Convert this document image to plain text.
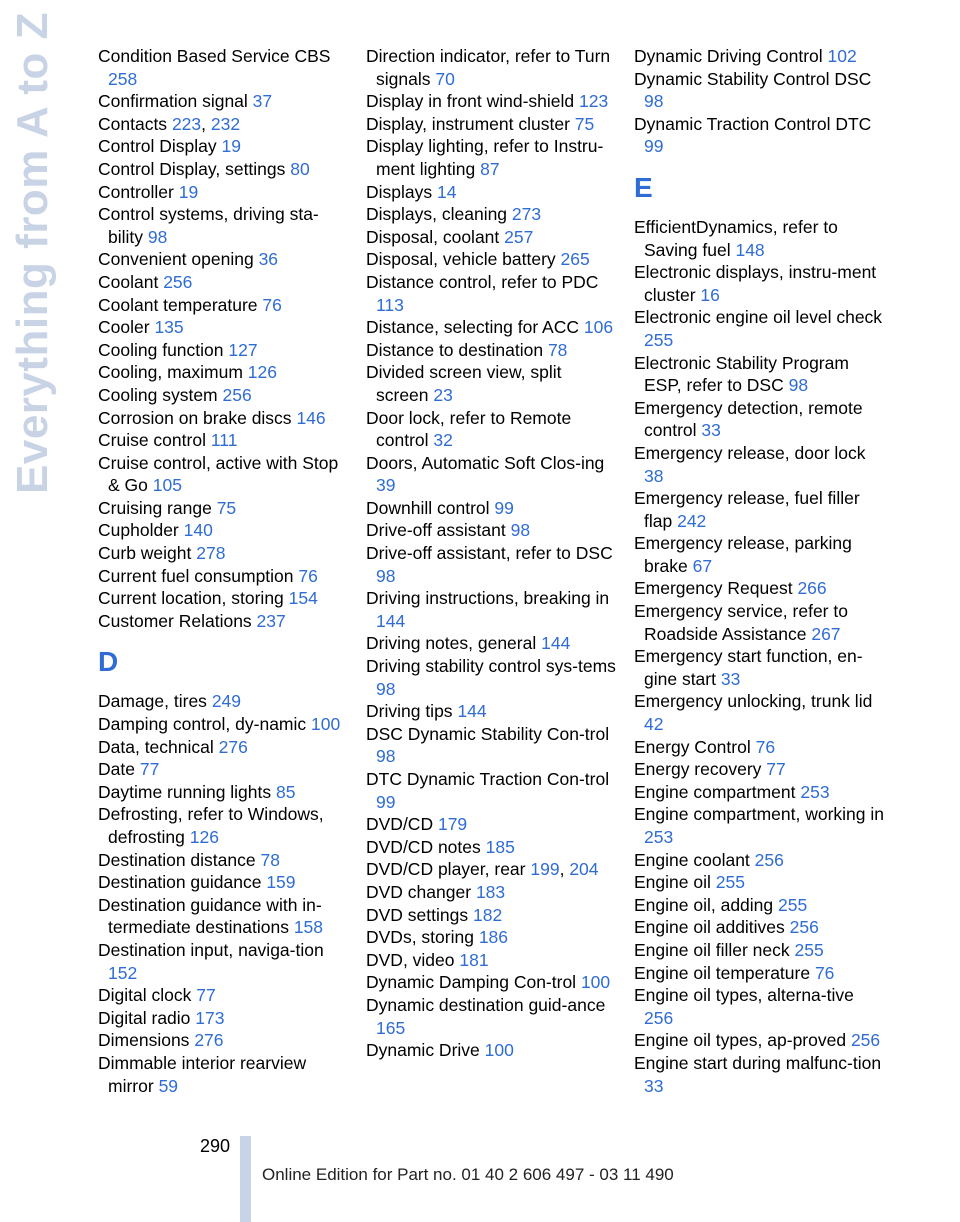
Everything from A to Z Condition Based Service CBS 258

Confirmation signal 37

Contacts 223, 232

Control Display 19

Control Display, settings 80

Controller 19

Control systems, driving sta-bility 98

Convenient opening 36

Coolant 256

Coolant temperature 76

Cooler 135

Cooling function 127

Cooling, maximum 126

Cooling system 256

Corrosion on brake discs 146

Cruise control 111

Cruise control, active with Stop & Go 105

Cruising range 75

Cupholder 140

Curb weight 278

Current fuel consumption 76

Current location, storing 154

Customer Relations 237

D

Damage, tires 249

Damping control, dy-namic 100

Data, technical 276

Date 77

Daytime running lights 85

Defrosting, refer to Windows, defrosting 126

Destination distance 78

Destination guidance 159

Destination guidance with in-termediate destinations 158

Destination input, naviga-tion 152

Digital clock 77

Digital radio 173

Dimensions 276

Dimmable interior rearview mirror 59

Direction indicator, refer to Turn signals 70

Display in front wind-shield 123

Display, instrument cluster 75

Display lighting, refer to Instru-ment lighting 87

Displays 14

Displays, cleaning 273

Disposal, coolant 257

Disposal, vehicle battery 265

Distance control, refer to PDC 113

Distance, selecting for ACC 106

Distance to destination 78

Divided screen view, split screen 23

Door lock, refer to Remote control 32

Doors, Automatic Soft Clos-ing 39

Downhill control 99

Drive-off assistant 98

Drive-off assistant, refer to DSC 98

Driving instructions, breaking in 144

Driving notes, general 144

Driving stability control sys-tems 98

Driving tips 144

DSC Dynamic Stability Con-trol 98

DTC Dynamic Traction Con-trol 99

DVD/CD 179

DVD/CD notes 185

DVD/CD player, rear 199, 204

DVD changer 183

DVD settings 182

DVDs, storing 186

DVD, video 181

Dynamic Damping Con-trol 100

Dynamic destination guid-ance 165

Dynamic Drive 100

Dynamic Driving Control 102

Dynamic Stability Control DSC 98

Dynamic Traction Control DTC 99

E

EfficientDynamics, refer to Saving fuel 148

Electronic displays, instru-ment cluster 16

Electronic engine oil level check 255

Electronic Stability Program ESP, refer to DSC 98

Emergency detection, remote control 33

Emergency release, door lock 38

Emergency release, fuel filler flap 242

Emergency release, parking brake 67

Emergency Request 266

Emergency service, refer to Roadside Assistance 267

Emergency start function, en-gine start 33

Emergency unlocking, trunk lid 42

Energy Control 76

Energy recovery 77

Engine compartment 253

Engine compartment, working in 253

Engine coolant 256

Engine oil 255

Engine oil, adding 255

Engine oil additives 256

Engine oil filler neck 255

Engine oil temperature 76

Engine oil types, alterna-tive 256

Engine oil types, ap-proved 256

Engine start during malfunc-tion 33

290
Online Edition for Part no. 01 40 2 606 497 - 03 11 490
